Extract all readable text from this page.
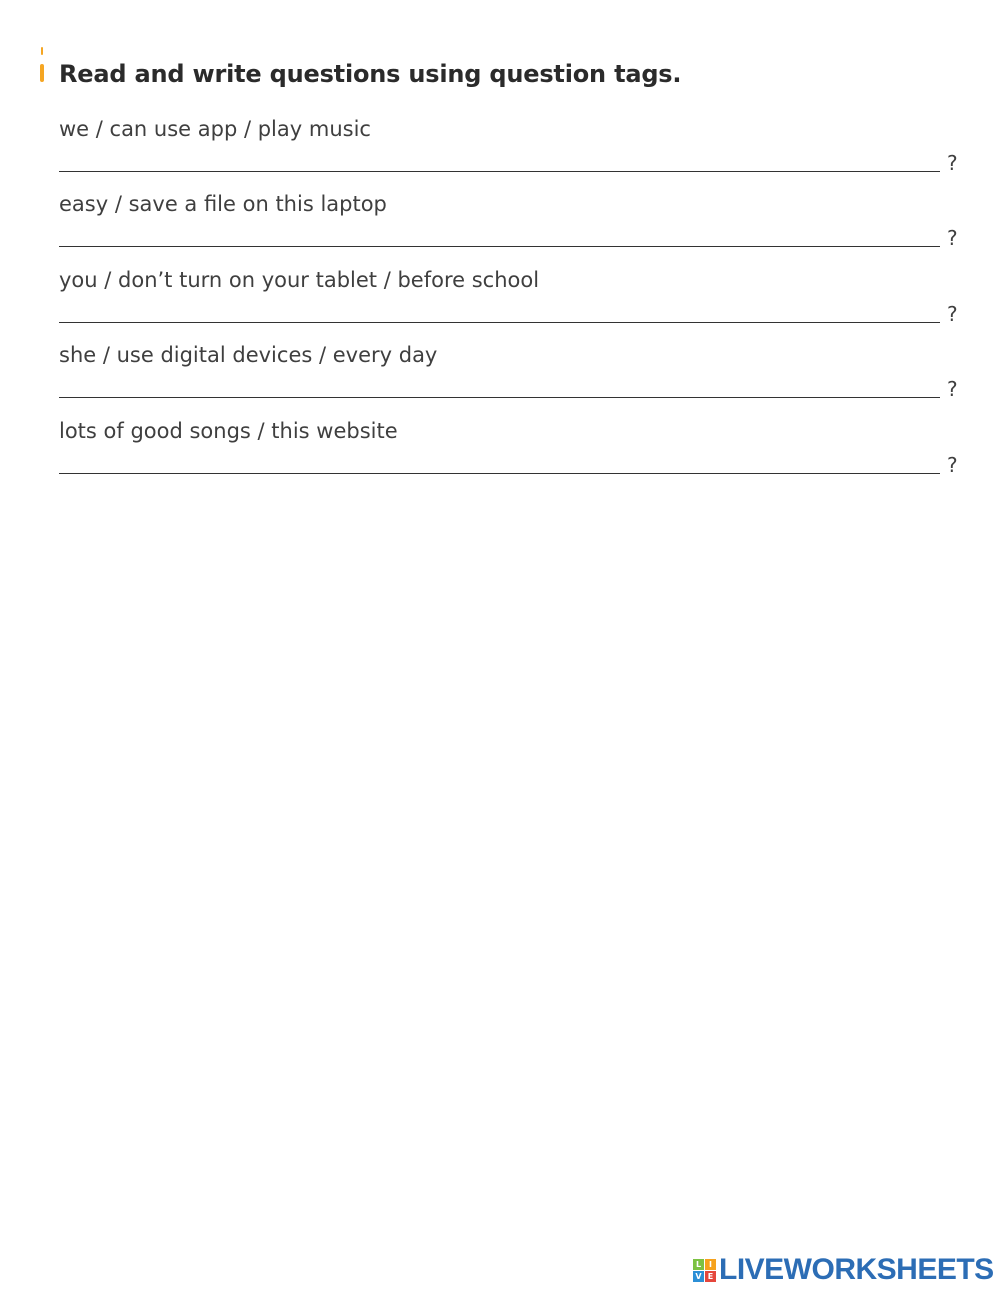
Read and write questions using question tags.
we / can use app / play music
?
easy / save a file on this laptop
?
you / don’t turn on your tablet / before school
?
she / use digital devices / every day
?
lots of good songs / this website
?
L I
V E LIVEWORKSHEETS
